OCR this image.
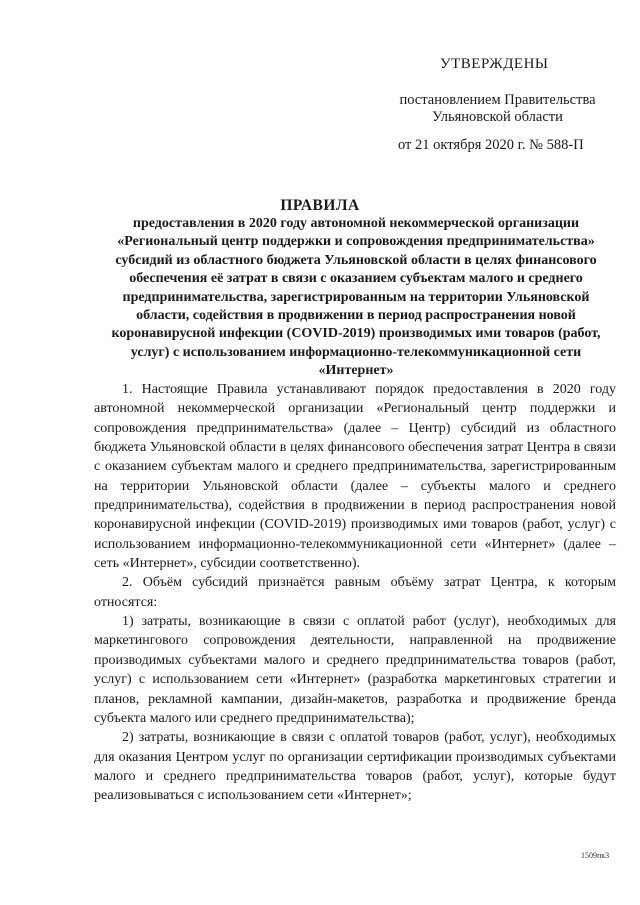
УТВЕРЖДЕНЫ
постановлением Правительства
Ульяновской области
от 21 октября 2020 г. № 588-П
ПРАВИЛА
предоставления в 2020 году автономной некоммерческой организации «Региональный центр поддержки и сопровождения предпринимательства» субсидий из областного бюджета Ульяновской области в целях финансового обеспечения её затрат в связи с оказанием субъектам малого и среднего предпринимательства, зарегистрированным на территории Ульяновской области, содействия в продвижении в период распространения новой коронавирусной инфекции (COVID-2019) производимых ими товаров (работ, услуг) с использованием информационно-телекоммуникационной сети «Интернет»

1. Настоящие Правила устанавливают порядок предоставления в 2020 году автономной некоммерческой организации «Региональный центр поддержки и сопровождения предпринимательства» (далее – Центр) субсидий из областного бюджета Ульяновской области в целях финансового обеспечения затрат Центра в связи с оказанием субъектам малого и среднего предпринимательства, зарегистрированным на территории Ульяновской области (далее – субъекты малого и среднего предпринимательства), содействия в продвижении в период распространения новой коронавирусной инфекции (COVID-2019) производимых ими товаров (работ, услуг) с использованием информационно-телекоммуникационной сети «Интернет» (далее – сеть «Интернет», субсидии соответственно).

2. Объём субсидий признаётся равным объёму затрат Центра, к которым относятся:

1) затраты, возникающие в связи с оплатой работ (услуг), необходимых для маркетингового сопровождения деятельности, направленной на продвижение производимых субъектами малого и среднего предпринимательства товаров (работ, услуг) с использованием сети «Интернет» (разработка маркетинговых стратегии и планов, рекламной кампании, дизайн-макетов, разработка и продвижение бренда субъекта малого или среднего предпринимательства);

2) затраты, возникающие в связи с оплатой товаров (работ, услуг), необходимых для оказания Центром услуг по организации сертификации производимых субъектами малого и среднего предпринимательства товаров (работ, услуг), которые будут реализовываться с использованием сети «Интернет»;

1509пк3
